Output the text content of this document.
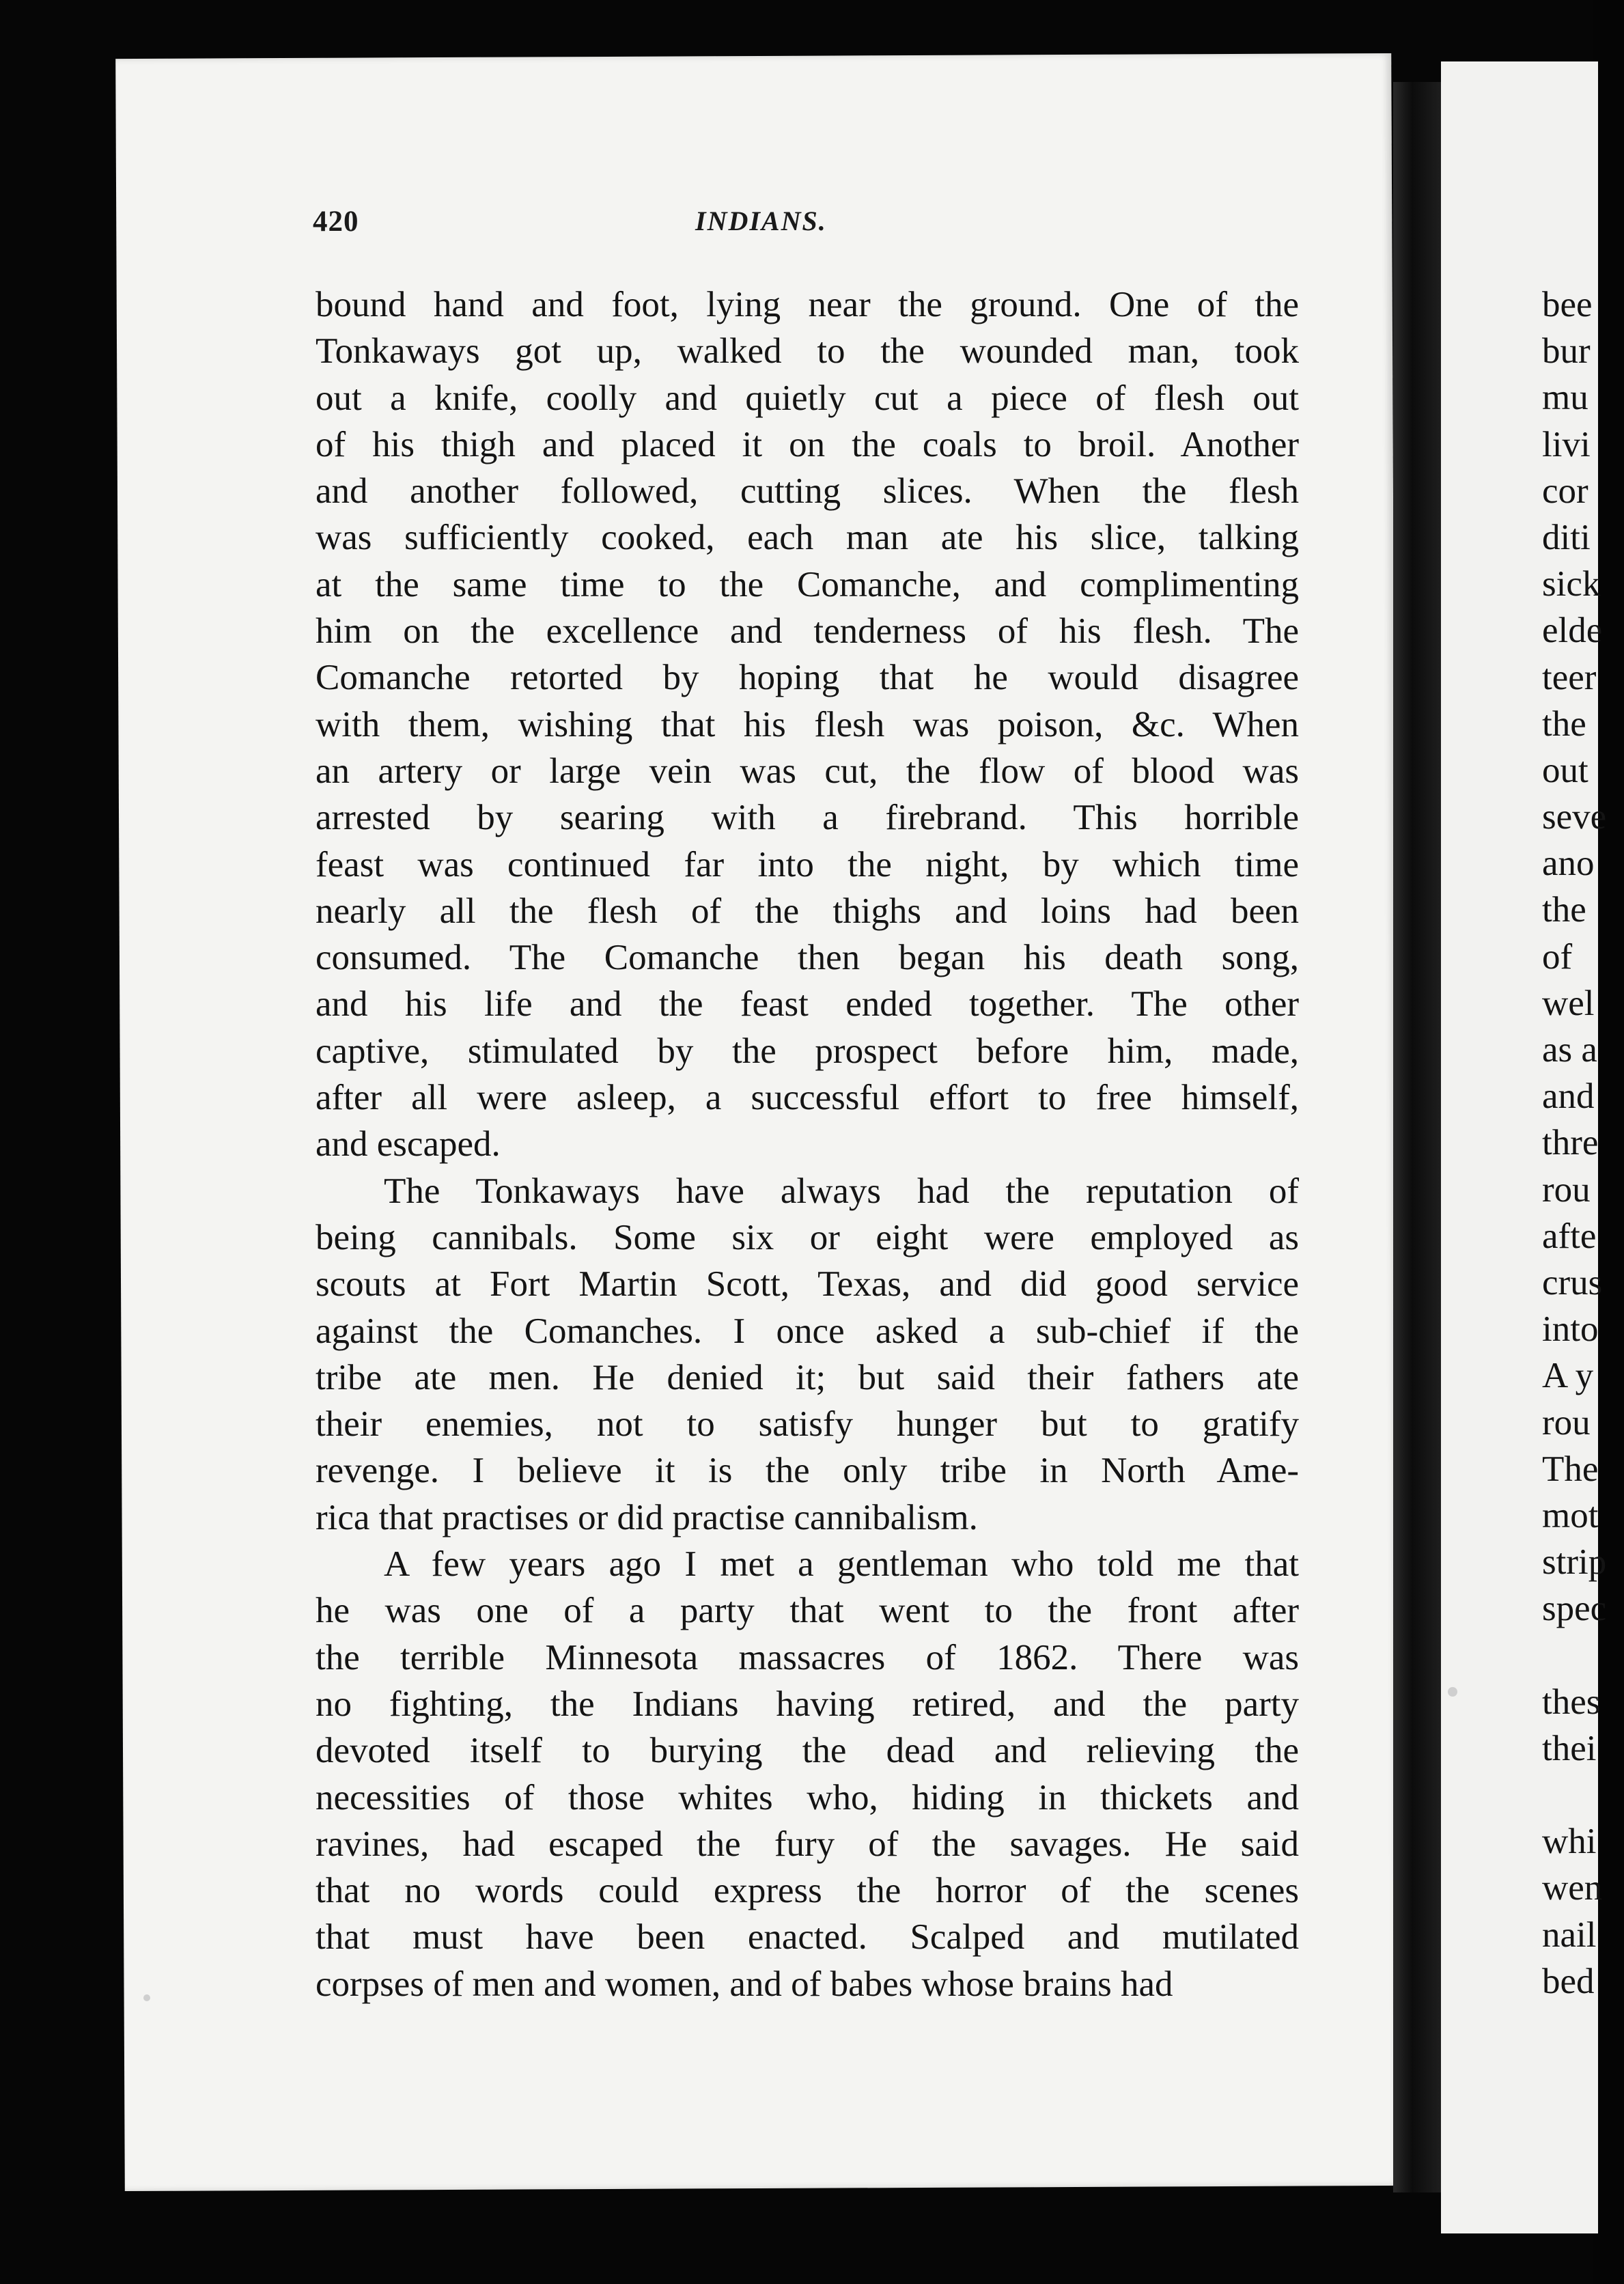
420	INDIANS.
bound hand and foot, lying near the ground. One of the
Tonkaways got up, walked to the wounded man, took
out a knife, coolly and quietly cut a piece of flesh out
of his thigh and placed it on the coals to broil. Another
and another followed, cutting slices. When the flesh
was sufficiently cooked, each man ate his slice, talking
at the same time to the Comanche, and complimenting
him on the excellence and tenderness of his flesh. The
Comanche retorted by hoping that he would disagree
with them, wishing that his flesh was poison, &c. When
an artery or large vein was cut, the flow of blood was
arrested by searing with a firebrand. This horrible
feast was continued far into the night, by which time
nearly all the flesh of the thighs and loins had been
consumed. The Comanche then began his death song,
and his life and the feast ended together. The other
captive, stimulated by the prospect before him, made,
after all were asleep, a successful effort to free himself,
and escaped.
The Tonkaways have always had the reputation of
being cannibals. Some six or eight were employed as
scouts at Fort Martin Scott, Texas, and did good service
against the Comanches. I once asked a sub-chief if the
tribe ate men. He denied it; but said their fathers ate
their enemies, not to satisfy hunger but to gratify
revenge. I believe it is the only tribe in North Ame-
rica that practises or did practise cannibalism.
A few years ago I met a gentleman who told me that
he was one of a party that went to the front after
the terrible Minnesota massacres of 1862. There was
no fighting, the Indians having retired, and the party
devoted itself to burying the dead and relieving the
necessities of those whites who, hiding in thickets and
ravines, had escaped the fury of the savages. He said
that no words could express the horror of the scenes
that must have been enacted. Scalped and mutilated
corpses of men and women, and of babes whose brains had
bee
bur
mu
livi
cor
diti
sick
elde
teer
the
out
seve
ano
the
of
wel
as a
and
thre
rou
afte
crus
into
A y
rou
The
mot
strip
spec
thes
thei
whi
wen
nail
bed
